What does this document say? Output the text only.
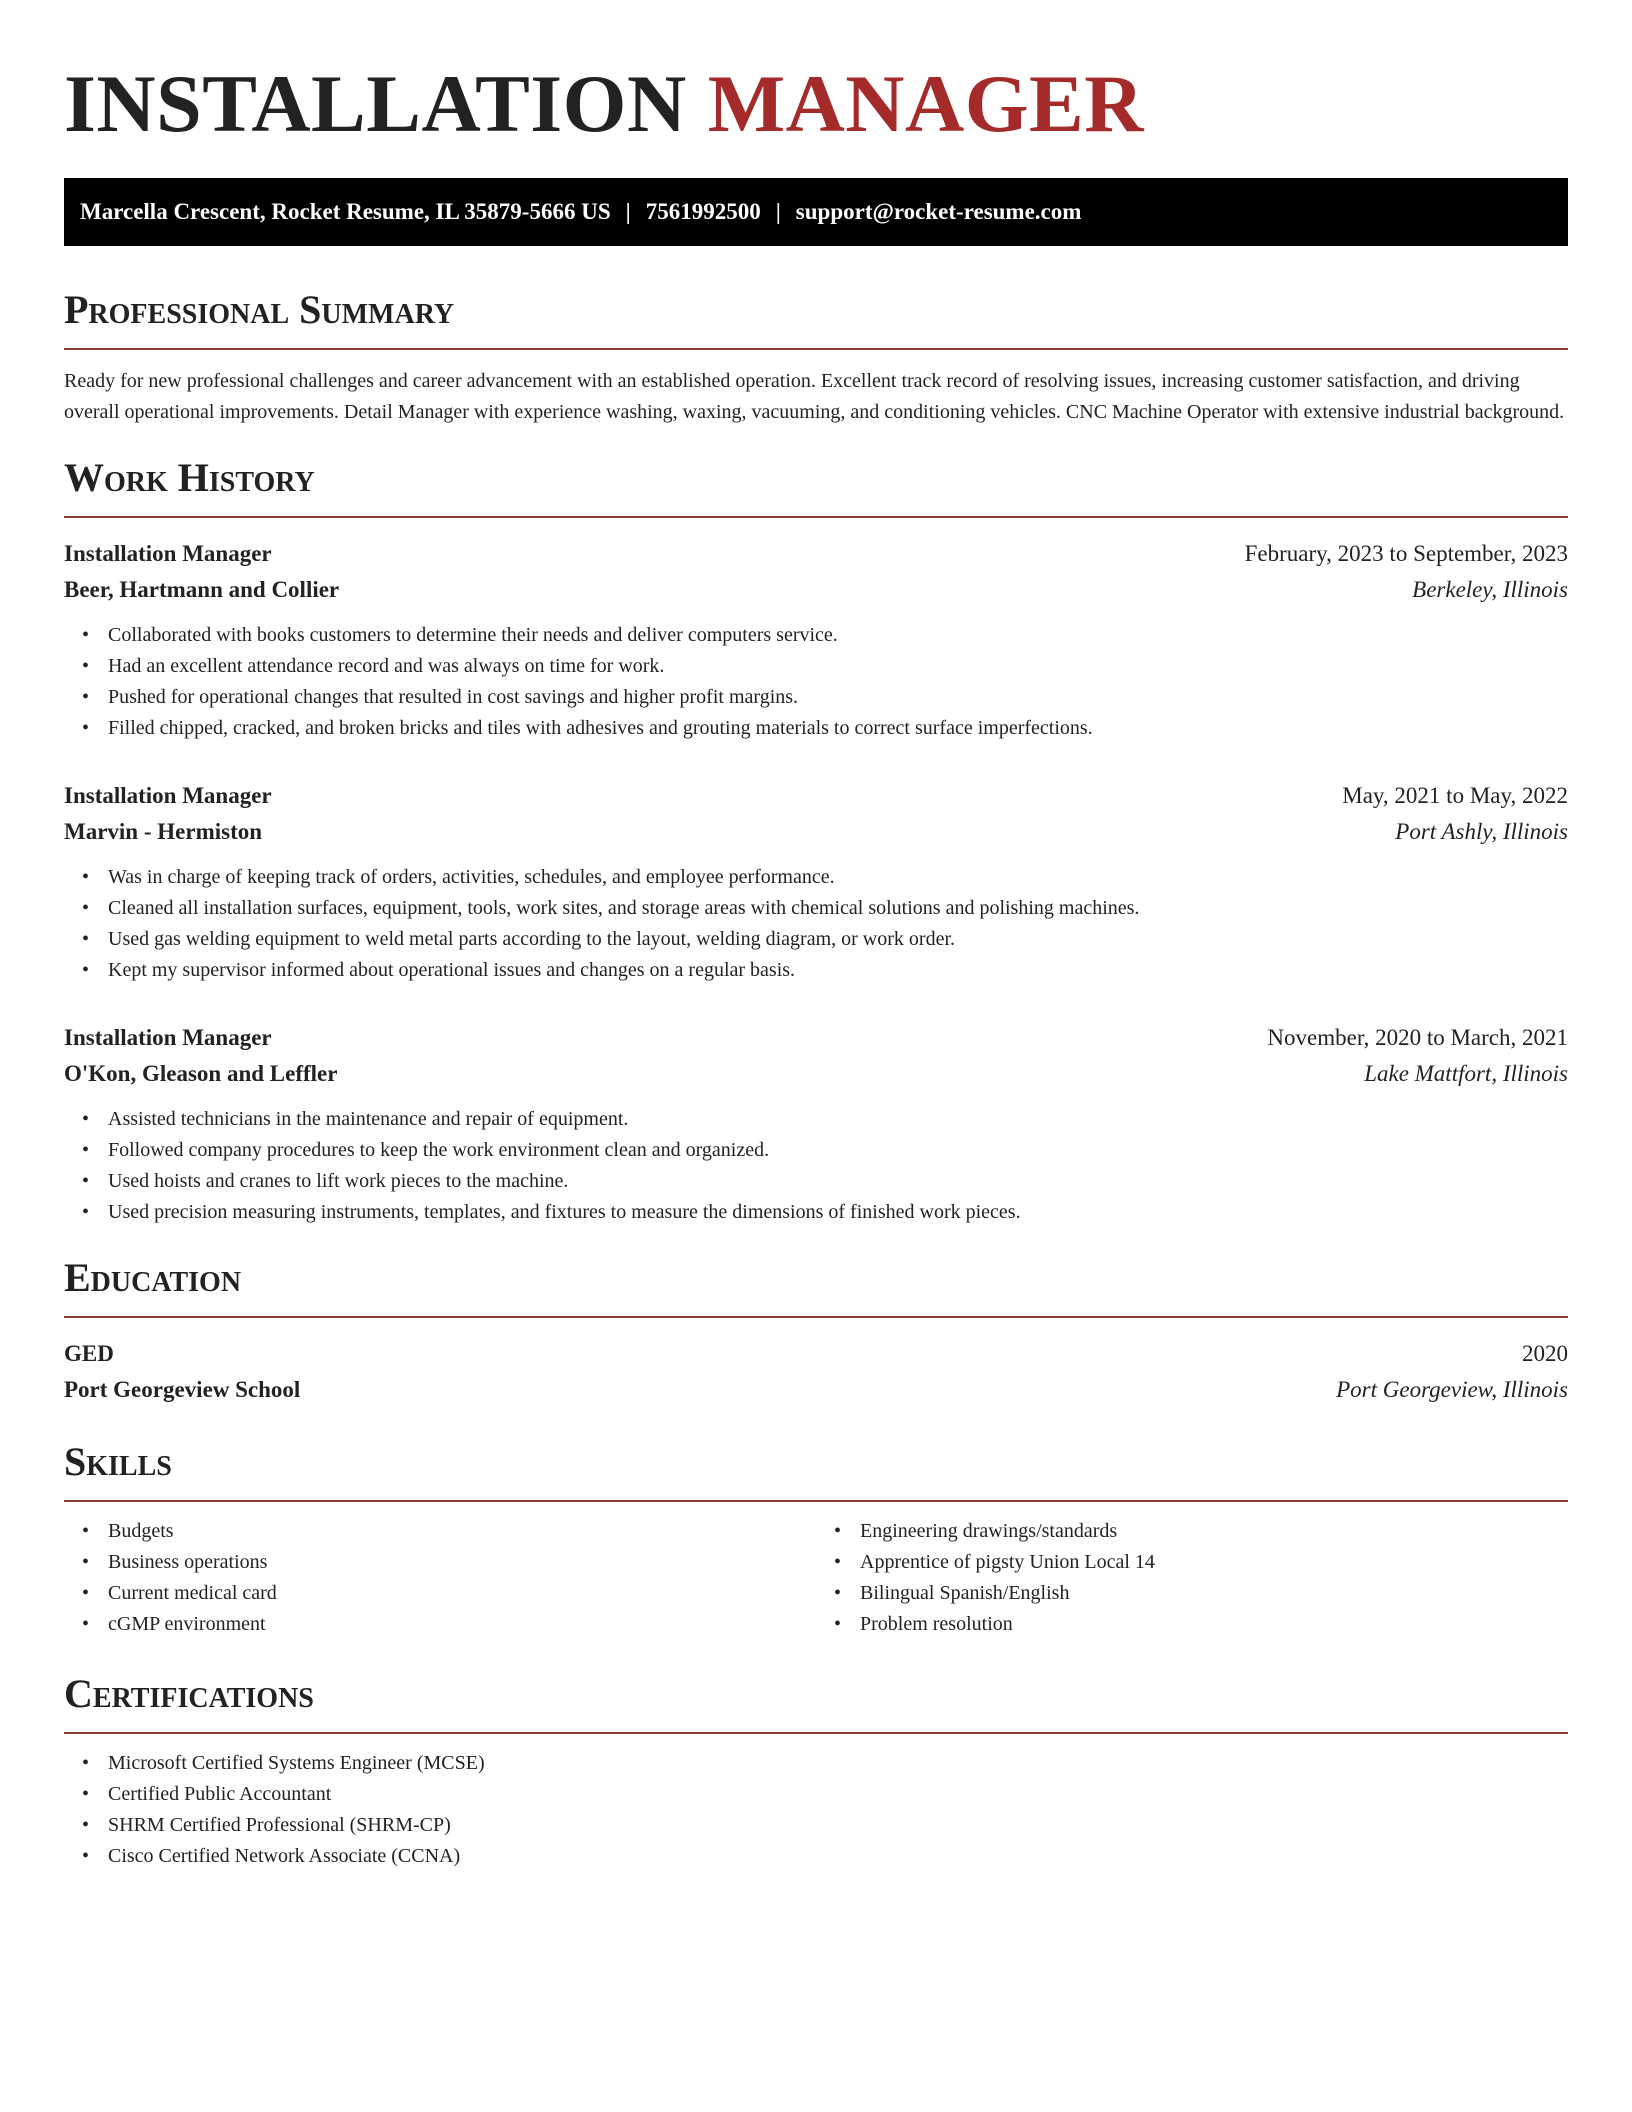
INSTALLATION MANAGER
Marcella Crescent, Rocket Resume, IL 35879-5666 US | 7561992500 | support@rocket-resume.com
Professional Summary

Ready for new professional challenges and career advancement with an established operation. Excellent track record of resolving issues, increasing customer satisfaction, and driving overall operational improvements. Detail Manager with experience washing, waxing, vacuuming, and conditioning vehicles. CNC Machine Operator with extensive industrial background.

Work History
Installation Manager	February, 2023 to September, 2023
Beer, Hartmann and Collier	Berkeley, Illinois
• Collaborated with books customers to determine their needs and deliver computers service.
• Had an excellent attendance record and was always on time for work.
• Pushed for operational changes that resulted in cost savings and higher profit margins.
• Filled chipped, cracked, and broken bricks and tiles with adhesives and grouting materials to correct surface imperfections.
Installation Manager	May, 2021 to May, 2022
Marvin - Hermiston	Port Ashly, Illinois
• Was in charge of keeping track of orders, activities, schedules, and employee performance.
• Cleaned all installation surfaces, equipment, tools, work sites, and storage areas with chemical solutions and polishing machines.
• Used gas welding equipment to weld metal parts according to the layout, welding diagram, or work order.
• Kept my supervisor informed about operational issues and changes on a regular basis.
Installation Manager	November, 2020 to March, 2021
O'Kon, Gleason and Leffler	Lake Mattfort, Illinois
• Assisted technicians in the maintenance and repair of equipment.
• Followed company procedures to keep the work environment clean and organized.
• Used hoists and cranes to lift work pieces to the machine.
• Used precision measuring instruments, templates, and fixtures to measure the dimensions of finished work pieces.
Education
GED	2020
Port Georgeview School	Port Georgeview, Illinois
Skills
• Budgets
• Business operations
• Current medical card
• cGMP environment
• Engineering drawings/standards
• Apprentice of pigsty Union Local 14
• Bilingual Spanish/English
• Problem resolution
Certifications
• Microsoft Certified Systems Engineer (MCSE)
• Certified Public Accountant
• SHRM Certified Professional (SHRM-CP)
• Cisco Certified Network Associate (CCNA)
